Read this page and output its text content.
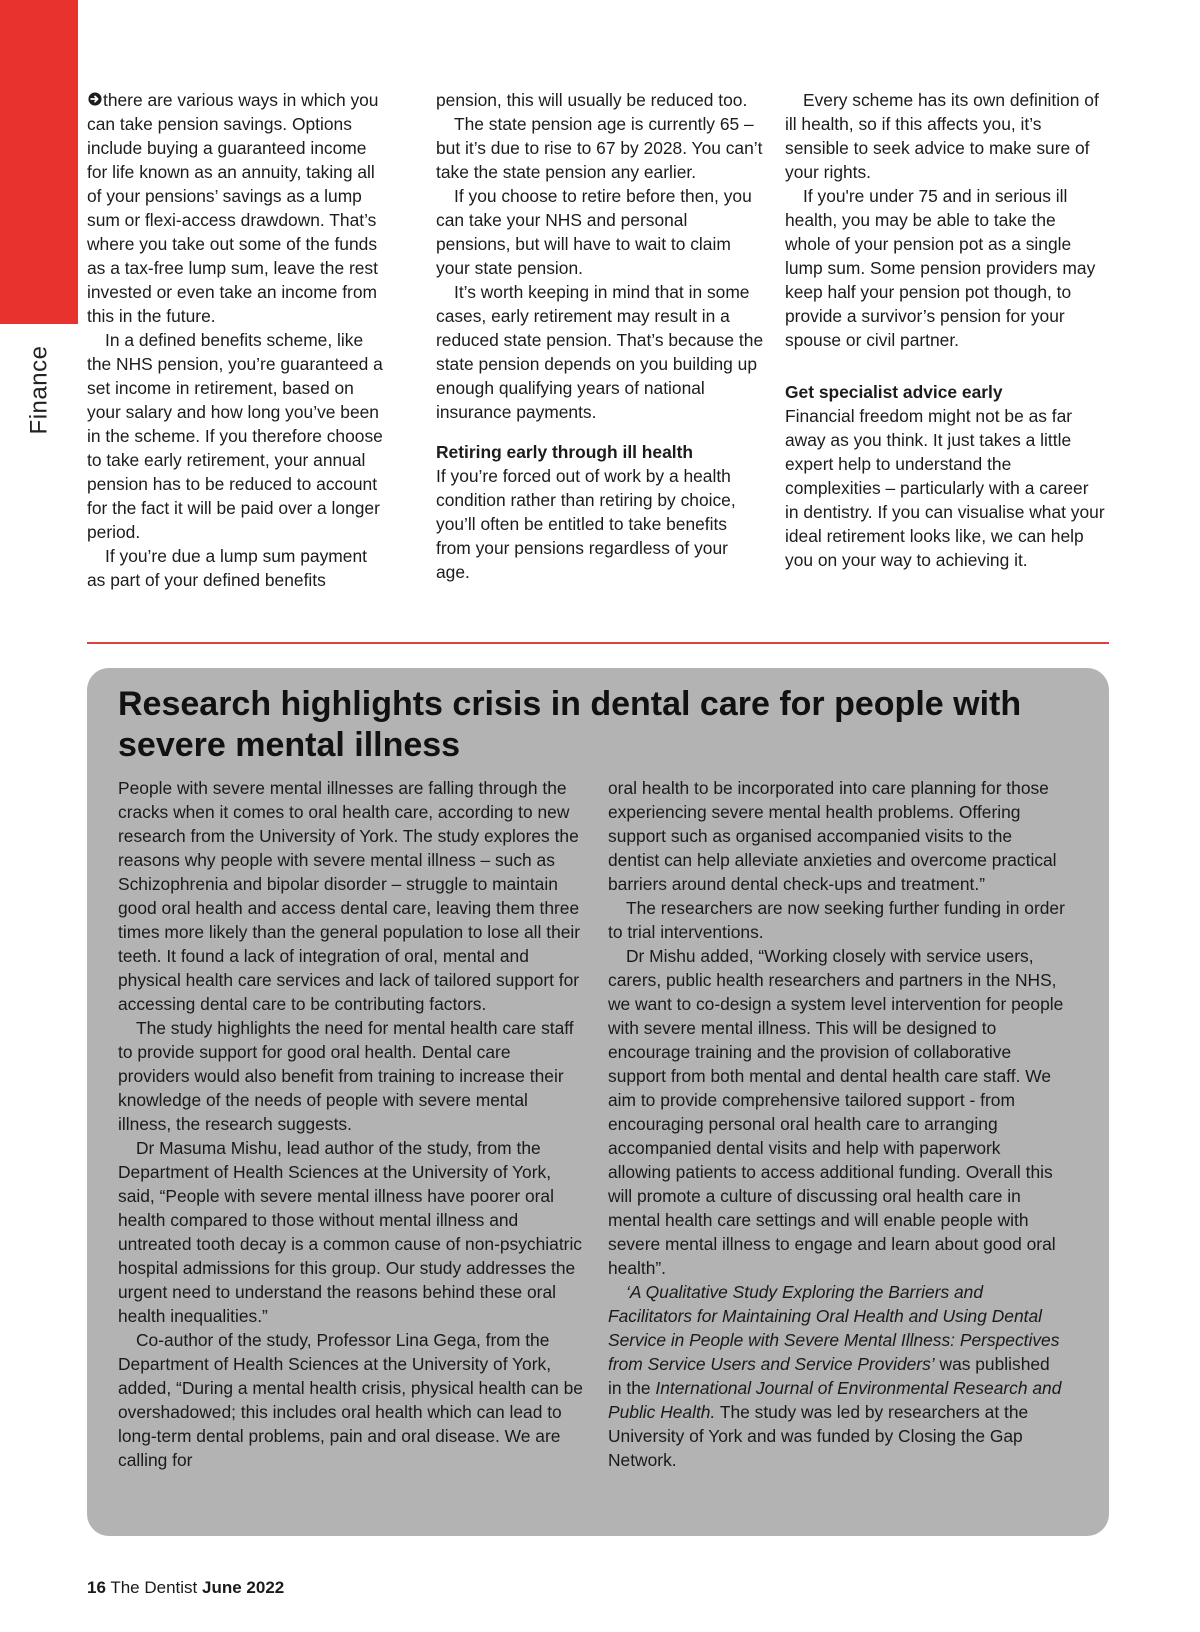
Finance

there are various ways in which you can take pension savings. Options include buying a guaranteed income for life known as an annuity, taking all of your pensions’ savings as a lump sum or flexi-access drawdown. That’s where you take out some of the funds as a tax-free lump sum, leave the rest invested or even take an income from this in the future.

In a defined benefits scheme, like the NHS pension, you’re guaranteed a set income in retirement, based on your salary and how long you’ve been in the scheme. If you therefore choose to take early retirement, your annual pension has to be reduced to account for the fact it will be paid over a longer period.

If you’re due a lump sum payment as part of your defined benefits

pension, this will usually be reduced too.

The state pension age is currently 65 – but it’s due to rise to 67 by 2028. You can’t take the state pension any earlier.

If you choose to retire before then, you can take your NHS and personal pensions, but will have to wait to claim your state pension.

It’s worth keeping in mind that in some cases, early retirement may result in a reduced state pension. That’s because the state pension depends on you building up enough qualifying years of national insurance payments.

Retiring early through ill health

If you’re forced out of work by a health condition rather than retiring by choice, you’ll often be entitled to take benefits from your pensions regardless of your age.

Every scheme has its own definition of ill health, so if this affects you, it’s sensible to seek advice to make sure of your rights.

If you're under 75 and in serious ill health, you may be able to take the whole of your pension pot as a single lump sum. Some pension providers may keep half your pension pot though, to provide a survivor’s pension for your spouse or civil partner.

Get specialist advice early

Financial freedom might not be as far away as you think. It just takes a little expert help to understand the complexities – particularly with a career in dentistry. If you can visualise what your ideal retirement looks like, we can help you on your way to achieving it.

Research highlights crisis in dental care for people with severe mental illness

People with severe mental illnesses are falling through the cracks when it comes to oral health care, according to new research from the University of York. The study explores the reasons why people with severe mental illness – such as Schizophrenia and bipolar disorder – struggle to maintain good oral health and access dental care, leaving them three times more likely than the general population to lose all their teeth. It found a lack of integration of oral, mental and physical health care services and lack of tailored support for accessing dental care to be contributing factors.

The study highlights the need for mental health care staff to provide support for good oral health. Dental care providers would also benefit from training to increase their knowledge of the needs of people with severe mental illness, the research suggests.

Dr Masuma Mishu, lead author of the study, from the Department of Health Sciences at the University of York, said, “People with severe mental illness have poorer oral health compared to those without mental illness and untreated tooth decay is a common cause of non-psychiatric hospital admissions for this group. Our study addresses the urgent need to understand the reasons behind these oral health inequalities.”

Co-author of the study, Professor Lina Gega, from the Department of Health Sciences at the University of York, added, “During a mental health crisis, physical health can be overshadowed; this includes oral health which can lead to long-term dental problems, pain and oral disease. We are calling for

oral health to be incorporated into care planning for those experiencing severe mental health problems. Offering support such as organised accompanied visits to the dentist can help alleviate anxieties and overcome practical barriers around dental check-ups and treatment.”

The researchers are now seeking further funding in order to trial interventions.

Dr Mishu added, “Working closely with service users, carers, public health researchers and partners in the NHS, we want to co-design a system level intervention for people with severe mental illness. This will be designed to encourage training and the provision of collaborative support from both mental and dental health care staff. We aim to provide comprehensive tailored support - from encouraging personal oral health care to arranging accompanied dental visits and help with paperwork allowing patients to access additional funding. Overall this will promote a culture of discussing oral health care in mental health care settings and will enable people with severe mental illness to engage and learn about good oral health”.

‘A Qualitative Study Exploring the Barriers and Facilitators for Maintaining Oral Health and Using Dental Service in People with Severe Mental Illness: Perspectives from Service Users and Service Providers’ was published in the International Journal of Environmental Research and Public Health. The study was led by researchers at the University of York and was funded by Closing the Gap Network.

16 The Dentist June 2022
